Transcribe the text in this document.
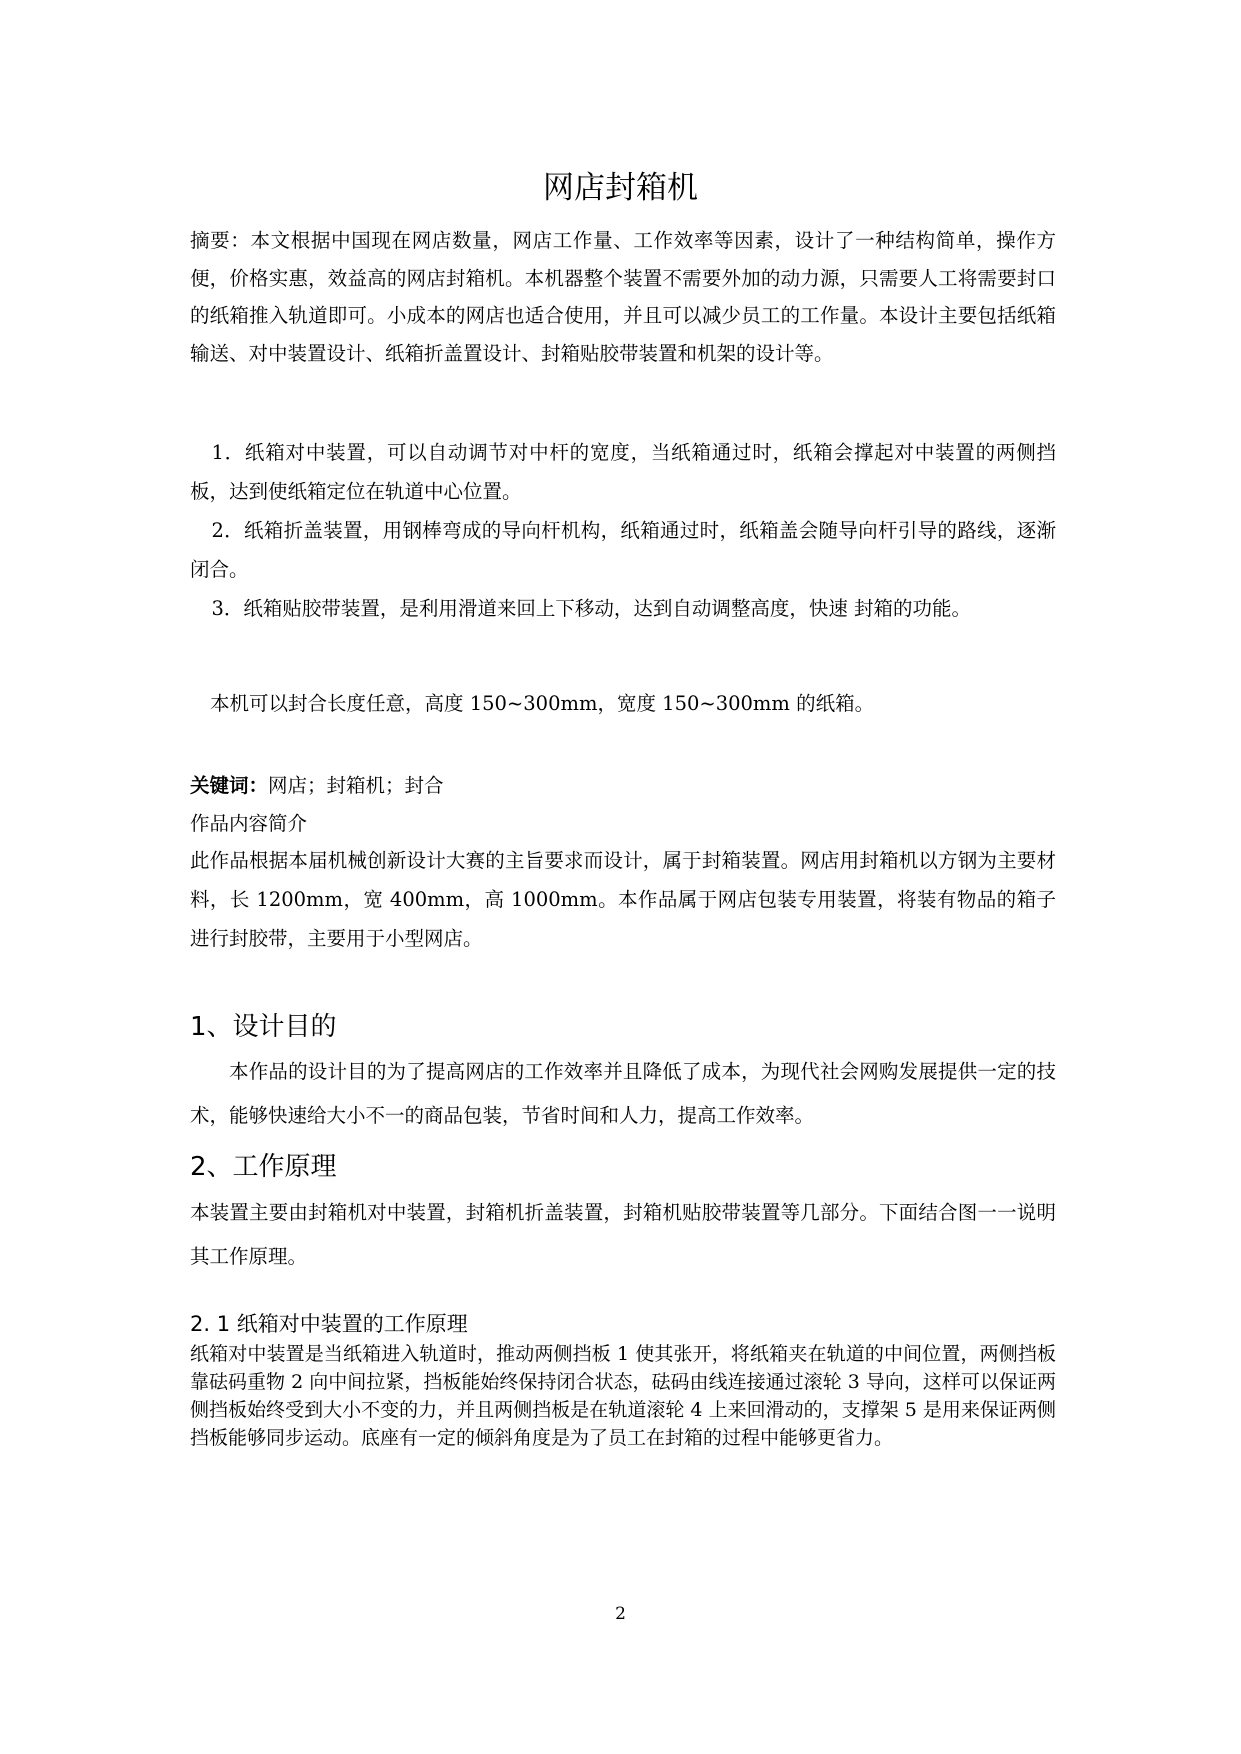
网店封箱机
摘要：本文根据中国现在网店数量，网店工作量、工作效率等因素，设计了一种结构简单，操作方便，价格实惠，效益高的网店封箱机。本机器整个装置不需要外加的动力源，只需要人工将需要封口的纸箱推入轨道即可。小成本的网店也适合使用，并且可以减少员工的工作量。本设计主要包括纸箱输送、对中装置设计、纸箱折盖置设计、封箱贴胶带装置和机架的设计等。
1．纸箱对中装置，可以自动调节对中杆的宽度，当纸箱通过时，纸箱会撑起对中装置的两侧挡板，达到使纸箱定位在轨道中心位置。
2．纸箱折盖装置，用钢棒弯成的导向杆机构，纸箱通过时，纸箱盖会随导向杆引导的路线，逐渐闭合。
3．纸箱贴胶带装置，是利用滑道来回上下移动，达到自动调整高度，快速 封箱的功能。
本机可以封合长度任意，高度 150~300mm，宽度 150~300mm 的纸箱。
关键词：网店；封箱机；封合
作品内容简介
此作品根据本届机械创新设计大赛的主旨要求而设计，属于封箱装置。网店用封箱机以方钢为主要材料，长 1200mm，宽 400mm，高 1000mm。本作品属于网店包装专用装置，将装有物品的箱子进行封胶带，主要用于小型网店。
1、设计目的
本作品的设计目的为了提高网店的工作效率并且降低了成本，为现代社会网购发展提供一定的技术，能够快速给大小不一的商品包装，节省时间和人力，提高工作效率。
2、工作原理
本装置主要由封箱机对中装置，封箱机折盖装置，封箱机贴胶带装置等几部分。下面结合图一一说明其工作原理。
2. 1 纸箱对中装置的工作原理
纸箱对中装置是当纸箱进入轨道时，推动两侧挡板 1 使其张开，将纸箱夹在轨道的中间位置，两侧挡板靠砝码重物 2 向中间拉紧，挡板能始终保持闭合状态，砝码由线连接通过滚轮 3 导向，这样可以保证两侧挡板始终受到大小不变的力，并且两侧挡板是在轨道滚轮 4 上来回滑动的，支撑架 5 是用来保证两侧挡板能够同步运动。底座有一定的倾斜角度是为了员工在封箱的过程中能够更省力。
2
